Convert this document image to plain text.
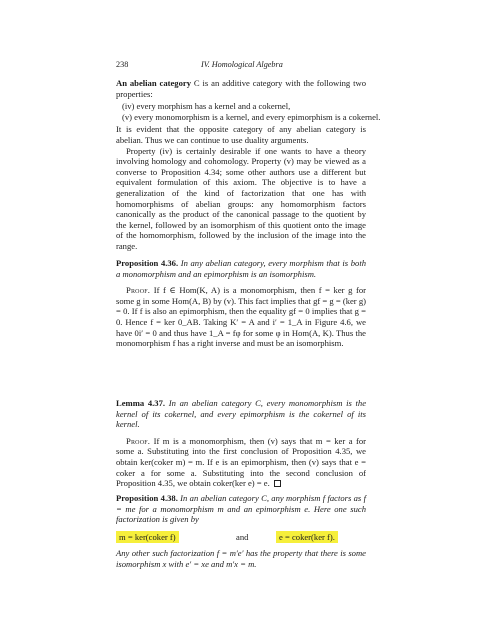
238	IV. Homological Algebra

An abelian category C is an additive category with the following two properties:

(iv) every morphism has a kernel and a cokernel,
(v) every monomorphism is a kernel, and every epimorphism is a cokernel.

It is evident that the opposite category of any abelian category is abelian. Thus we can continue to use duality arguments.

Property (iv) is certainly desirable if one wants to have a theory involving homology and cohomology. Property (v) may be viewed as a converse to Proposition 4.34; some other authors use a different but equivalent formulation of this axiom. The objective is to have a generalization of the kind of factorization that one has with homomorphisms of abelian groups: any homomorphism factors canonically as the product of the canonical passage to the quotient by the kernel, followed by an isomorphism of this quotient onto the image of the homomorphism, followed by the inclusion of the image into the range.

Proposition 4.36. In any abelian category, every morphism that is both a monomorphism and an epimorphism is an isomorphism.

Proof. If f ∈ Hom(K, A) is a monomorphism, then f = ker g for some g in some Hom(A, B) by (v). This fact implies that gf = g = (ker g) = 0. If f is also an epimorphism, then the equality gf = 0 implies that g = 0. Hence f = ker 0_AB. Taking K′ = A and i′ = 1_A in Figure 4.6, we have 0i′ = 0 and thus have 1_A = fφ for some φ in Hom(A, K). Thus the monomorphism f has a right inverse and must be an isomorphism.

Lemma 4.37. In an abelian category C, every monomorphism is the kernel of its cokernel, and every epimorphism is the cokernel of its kernel.

Proof. If m is a monomorphism, then (v) says that m = ker a for some a. Substituting into the first conclusion of Proposition 4.35, we obtain ker(coker m) = m. If e is an epimorphism, then (v) says that e = coker a for some a. Substituting into the second conclusion of Proposition 4.35, we obtain coker(ker e) = e.

Proposition 4.38. In an abelian category C, any morphism f factors as f = me for a monomorphism m and an epimorphism e. Here one such factorization is given by

m = ker(coker f)	and	e = coker(ker f).

Any other such factorization f = m′e′ has the property that there is some isomorphism x with e′ = xe and m′x = m.
